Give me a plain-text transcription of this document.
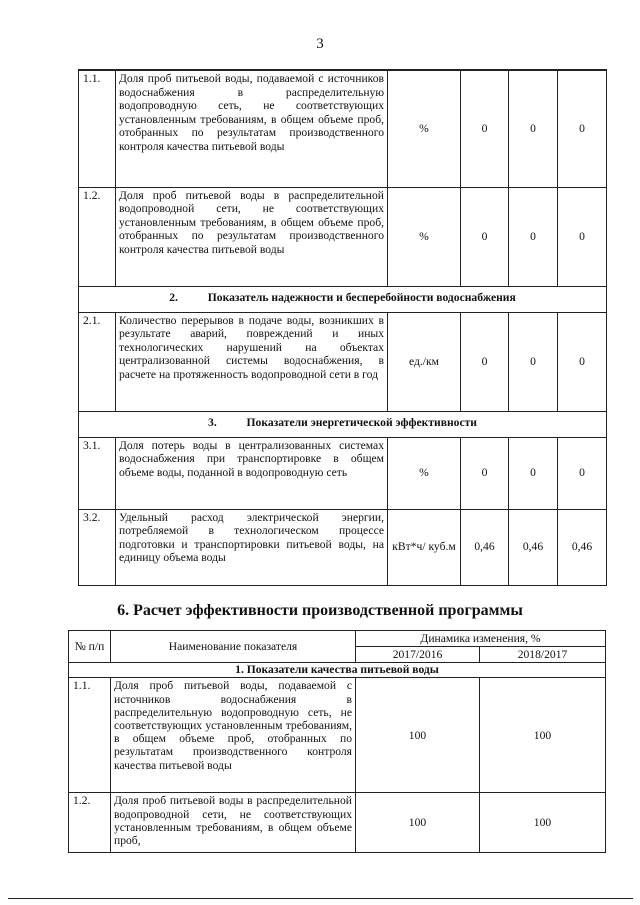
3
1.1.	Доля проб питьевой воды, подаваемой с источников водоснабжения в распределительную водопроводную сеть, не соответствующих установленным требованиям, в общем объеме проб, отобранных по результатам производственного контроля качества питьевой воды	%	0	0	0
1.2.	Доля проб питьевой воды в распределительной водопроводной сети, не соответствующих установленным требованиям, в общем объеме проб, отобранных по результатам производственного контроля качества питьевой воды	%	0	0	0
2. Показатель надежности и бесперебойности водоснабжения					
2.1.	Количество перерывов в подаче воды, возникших в результате аварий, повреждений и иных технологических нарушений на объектах централизованной системы водоснабжения, в расчете на протяженность водопроводной сети в год	ед./км	0	0	0
3. Показатели энергетической эффективности					
3.1.	Доля потерь воды в централизованных системах водоснабжения при транспортировке в общем объеме воды, поданной в водопроводную сеть	%	0	0	0
3.2.	Удельный расход электрической энергии, потребляемой в технологическом процессе подготовки и транспортировки питьевой воды, на единицу объема воды	кВт*ч/ куб.м	0,46	0,46	0,46
6. Расчет эффективности производственной программы
№ п/п	Наименование показателя	Динамика изменения, %	
		2017/2016	2018/2017
1. Показатели качества питьевой воды			
1.1.	Доля проб питьевой воды, подаваемой с источников водоснабжения в распределительную водопроводную сеть, не соответствующих установленным требованиям, в общем объеме проб, отобранных по результатам производственного контроля качества питьевой воды	100	100
1.2.	Доля проб питьевой воды в распределительной водопроводной сети, не соответствующих установленным требованиям, в общем объеме проб,	100	100
